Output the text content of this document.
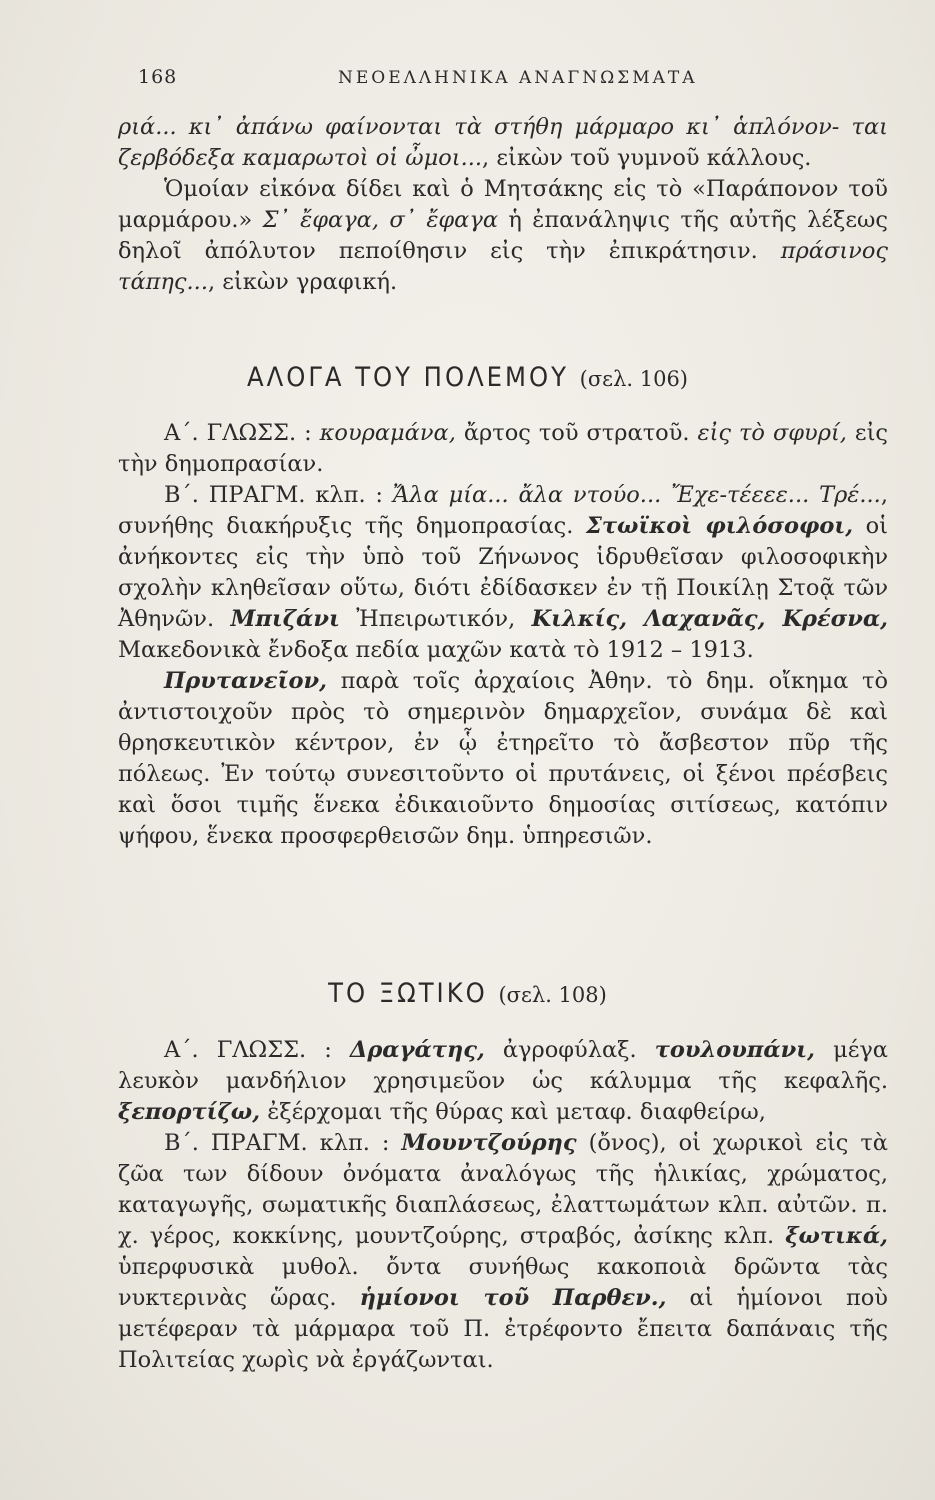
168	ΝΕΟΕΛΛΗΝΙΚΑ ΑΝΑΓΝΩΣΜΑΤΑ

ριά... κι᾽ ἀπάνω φαίνονται τὰ στήθη μάρμαρο κι᾽ ἁπλόνον- ται ζερβόδεξα καμαρωτοὶ οἱ ὦμοι..., εἰκὼν τοῦ γυμνοῦ κάλλους.

Ὁμοίαν εἰκόνα δίδει καὶ ὁ Μητσάκης εἰς τὸ «Παράπονον τοῦ μαρμάρου.» Σ᾽ ἔφαγα, σ᾽ ἔφαγα ἡ ἐπανάληψις τῆς αὐτῆς λέξεως δηλοῖ ἀπόλυτον πεποίθησιν εἰς τὴν ἐπικράτησιν. πράσινος τάπης..., εἰκὼν γραφική.

ΑΛΟΓΑ ΤΟΥ ΠΟΛΕΜΟΥ (σελ. 106)

Α΄. ΓΛΩΣΣ. : κουραμάνα, ἄρτος τοῦ στρατοῦ. εἰς τὸ σφυρί, εἰς τὴν δημοπρασίαν.

Β΄. ΠΡΑΓΜ. κλπ. : Ἄλα μία... ἄλα ντούο... Ἔχε-τέεεε... Τρέ..., συνήθης διακήρυξις τῆς δημοπρασίας. Στωϊκοὶ φιλόσοφοι, οἱ ἀνήκοντες εἰς τὴν ὑπὸ τοῦ Ζήνωνος ἱδρυθεῖσαν φιλοσοφικὴν σχολὴν κληθεῖσαν οὕτω, διότι ἐδίδασκεν ἐν τῇ Ποικίλῃ Στοᾷ τῶν Ἀθηνῶν. Μπιζάνι Ἠπειρωτικόν, Κιλκίς, Λαχανᾶς, Κρέσνα, Μακεδονικὰ ἔνδοξα πεδία μαχῶν κατὰ τὸ 1912 – 1913.

Πρυτανεῖον, παρὰ τοῖς ἀρχαίοις Ἀθην. τὸ δημ. οἴκημα τὸ ἀντιστοιχοῦν πρὸς τὸ σημερινὸν δημαρχεῖον, συνάμα δὲ καὶ θρησκευτικὸν κέντρον, ἐν ᾧ ἐτηρεῖτο τὸ ἄσβεστον πῦρ τῆς πόλεως. Ἐν τούτῳ συνεσιτοῦντο οἱ πρυτάνεις, οἱ ξένοι πρέσβεις καὶ ὅσοι τιμῆς ἕνεκα ἐδικαιοῦντο δημοσίας σιτίσεως, κατόπιν ψήφου, ἕνεκα προσφερθεισῶν δημ. ὑπηρεσιῶν.

ΤΟ ΞΩΤΙΚΟ (σελ. 108)

Α΄. ΓΛΩΣΣ. : Δραγάτης, ἀγροφύλαξ. τουλουπάνι, μέγα λευκὸν μανδήλιον χρησιμεῦον ὡς κάλυμμα τῆς κεφαλῆς. ξεπορτίζω, ἐξέρχομαι τῆς θύρας καὶ μεταφ. διαφθείρω,

Β΄. ΠΡΑΓΜ. κλπ. : Μουντζούρης (ὄνος), οἱ χωρικοὶ εἰς τὰ ζῶα των δίδουν ὀνόματα ἀναλόγως τῆς ἡλικίας, χρώματος, καταγωγῆς, σωματικῆς διαπλάσεως, ἐλαττωμάτων κλπ. αὐτῶν. π. χ. γέρος, κοκκίνης, μουντζούρης, στραβός, ἀσίκης κλπ. ξωτικά, ὑπερφυσικὰ μυθολ. ὄντα συνήθως κακοποιὰ δρῶντα τὰς νυκτερινὰς ὥρας. ἡμίονοι τοῦ Παρθεν., αἱ ἡμίονοι ποὺ μετέφεραν τὰ μάρμαρα τοῦ Π. ἐτρέφοντο ἔπειτα δαπάναις τῆς Πολιτείας χωρὶς νὰ ἐργάζωνται.
